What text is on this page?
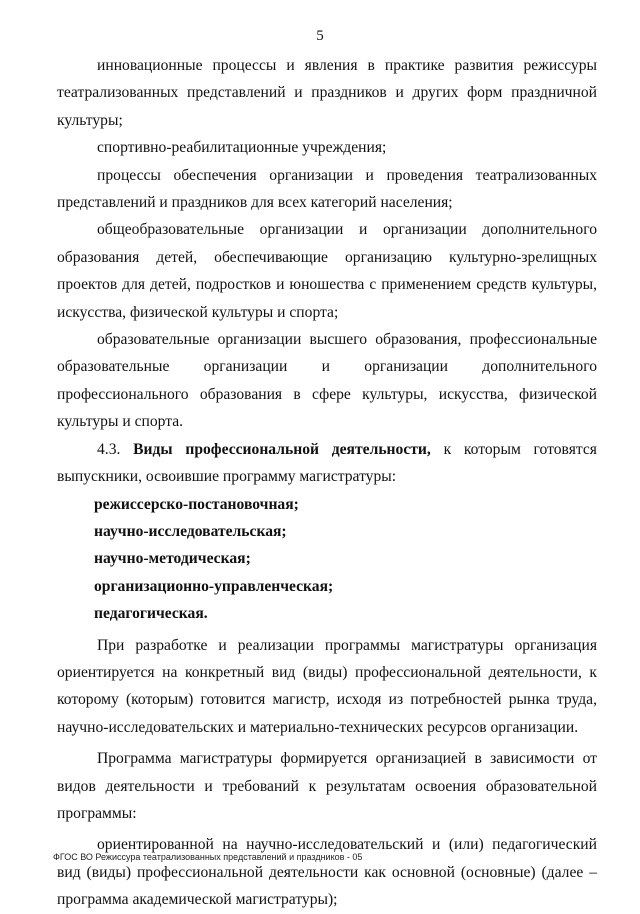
5

инновационные процессы и явления в практике развития режиссуры театрализованных представлений и праздников и других форм праздничной культуры;

спортивно-реабилитационные учреждения;

процессы обеспечения организации и проведения театрализованных представлений и праздников для всех категорий населения;

общеобразовательные организации и организации дополнительного образования детей, обеспечивающие организацию культурно-зрелищных проектов для детей, подростков и юношества с применением средств культуры, искусства, физической культуры и спорта;

образовательные организации высшего образования, профессиональные образовательные организации и организации дополнительного профессионального образования в сфере культуры, искусства, физической культуры и спорта.

4.3. Виды профессиональной деятельности, к которым готовятся выпускники, освоившие программу магистратуры:

режиссерско-постановочная;

научно-исследовательская;

научно-методическая;

организационно-управленческая;

педагогическая.

При разработке и реализации программы магистратуры организация ориентируется на конкретный вид (виды) профессиональной деятельности, к которому (которым) готовится магистр, исходя из потребностей рынка труда, научно-исследовательских и материально-технических ресурсов организации.

Программа магистратуры формируется организацией в зависимости от видов деятельности и требований к результатам освоения образовательной программы:

ориентированной на научно-исследовательский и (или) педагогический вид (виды) профессиональной деятельности как основной (основные) (далее – программа академической магистратуры);

ФГОС ВО Режиссура театрализованных представлений и праздников - 05
